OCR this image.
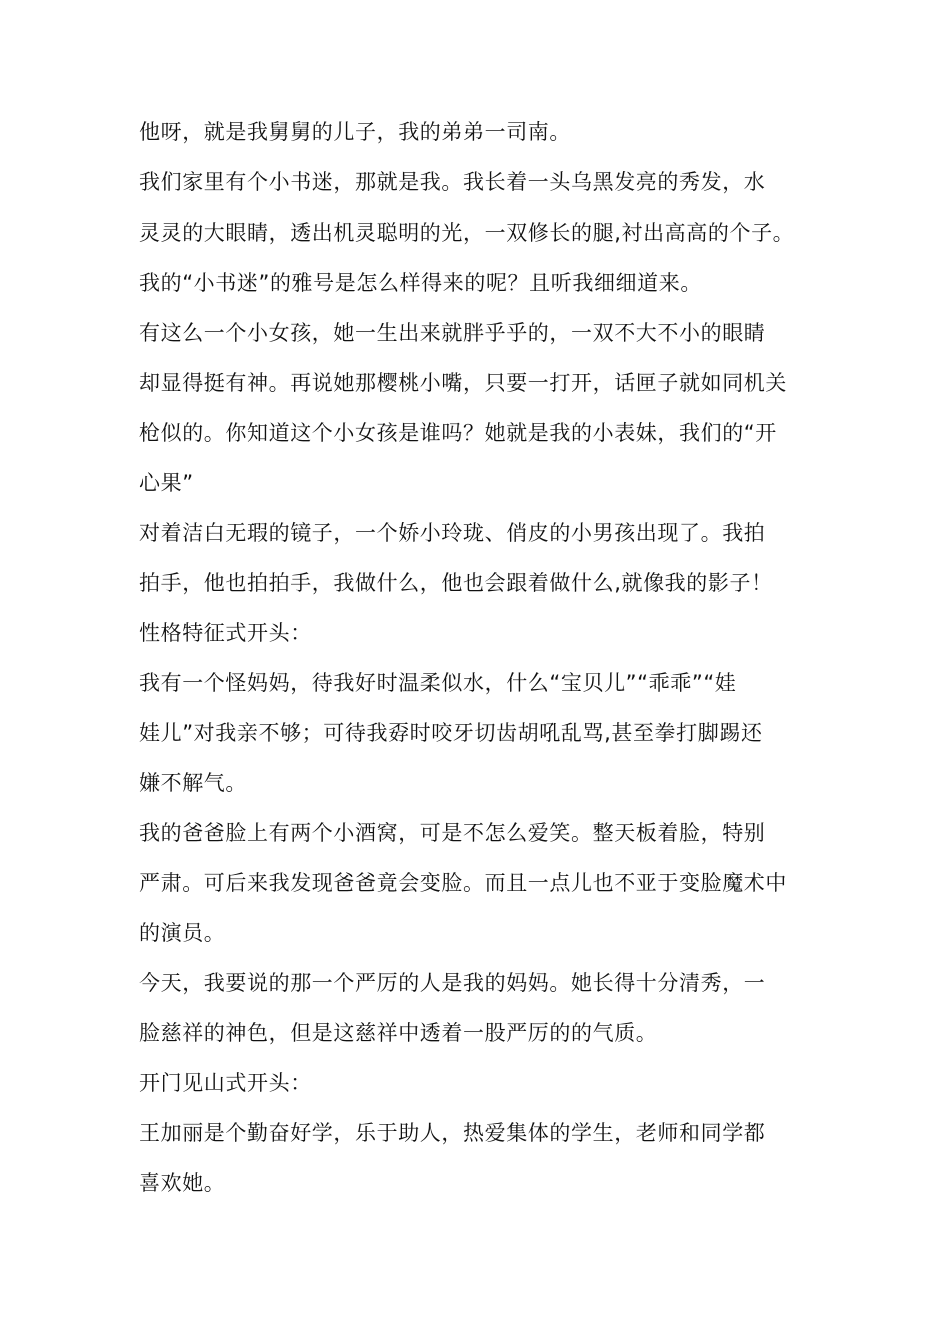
他呀，就是我舅舅的儿子，我的弟弟一司南。
我们家里有个小书迷，那就是我。我长着一头乌黑发亮的秀发，水
灵灵的大眼睛，透出机灵聪明的光，一双修长的腿,衬出高高的个子。
我的“小书迷”的雅号是怎么样得来的呢？且听我细细道来。
有这么一个小女孩，她一生出来就胖乎乎的，一双不大不小的眼睛
却显得挺有神。再说她那樱桃小嘴，只要一打开，话匣子就如同机关
枪似的。你知道这个小女孩是谁吗？她就是我的小表妹，我们的“开
心果”
对着洁白无瑕的镜子，一个娇小玲珑、俏皮的小男孩出现了。我拍
拍手，他也拍拍手，我做什么，他也会跟着做什么,就像我的影子！
性格特征式开头：
我有一个怪妈妈，待我好时温柔似水，什么“宝贝儿”“乖乖”“娃
娃儿”对我亲不够；可待我孬时咬牙切齿胡吼乱骂,甚至拳打脚踢还
嫌不解气。
我的爸爸脸上有两个小酒窝，可是不怎么爱笑。整天板着脸，特别
严肃。可后来我发现爸爸竟会变脸。而且一点儿也不亚于变脸魔术中
的演员。
今天，我要说的那一个严厉的人是我的妈妈。她长得十分清秀，一
脸慈祥的神色，但是这慈祥中透着一股严厉的的气质。
开门见山式开头：
王加丽是个勤奋好学，乐于助人，热爱集体的学生，老师和同学都
喜欢她。
